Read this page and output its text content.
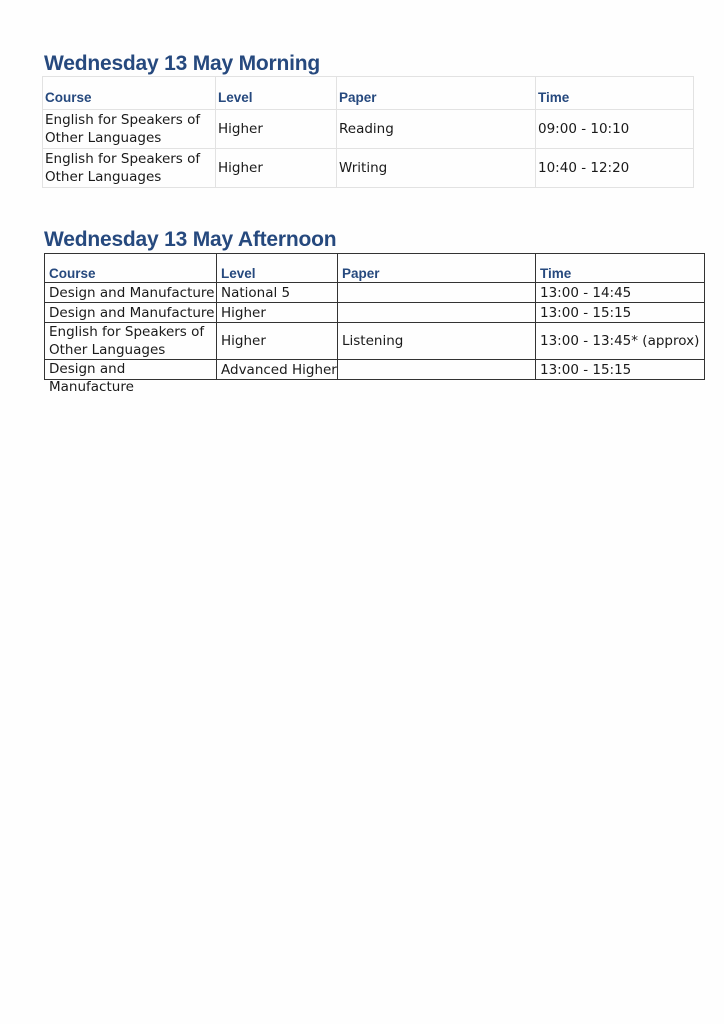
Wednesday 13 May Morning
Course	Level	Paper	Time
English for Speakers of Other Languages	Higher	Reading	09:00 - 10:10
English for Speakers of Other Languages	Higher	Writing	10:40 - 12:20
Wednesday 13 May Afternoon
Course	Level	Paper	Time
Design and Manufacture	National 5		13:00 - 14:45
Design and Manufacture	Higher		13:00 - 15:15
English for Speakers of Other Languages	Higher	Listening	13:00 - 13:45* (approx)

Design and Manufacture	Advanced Higher		13:00 - 15:15
